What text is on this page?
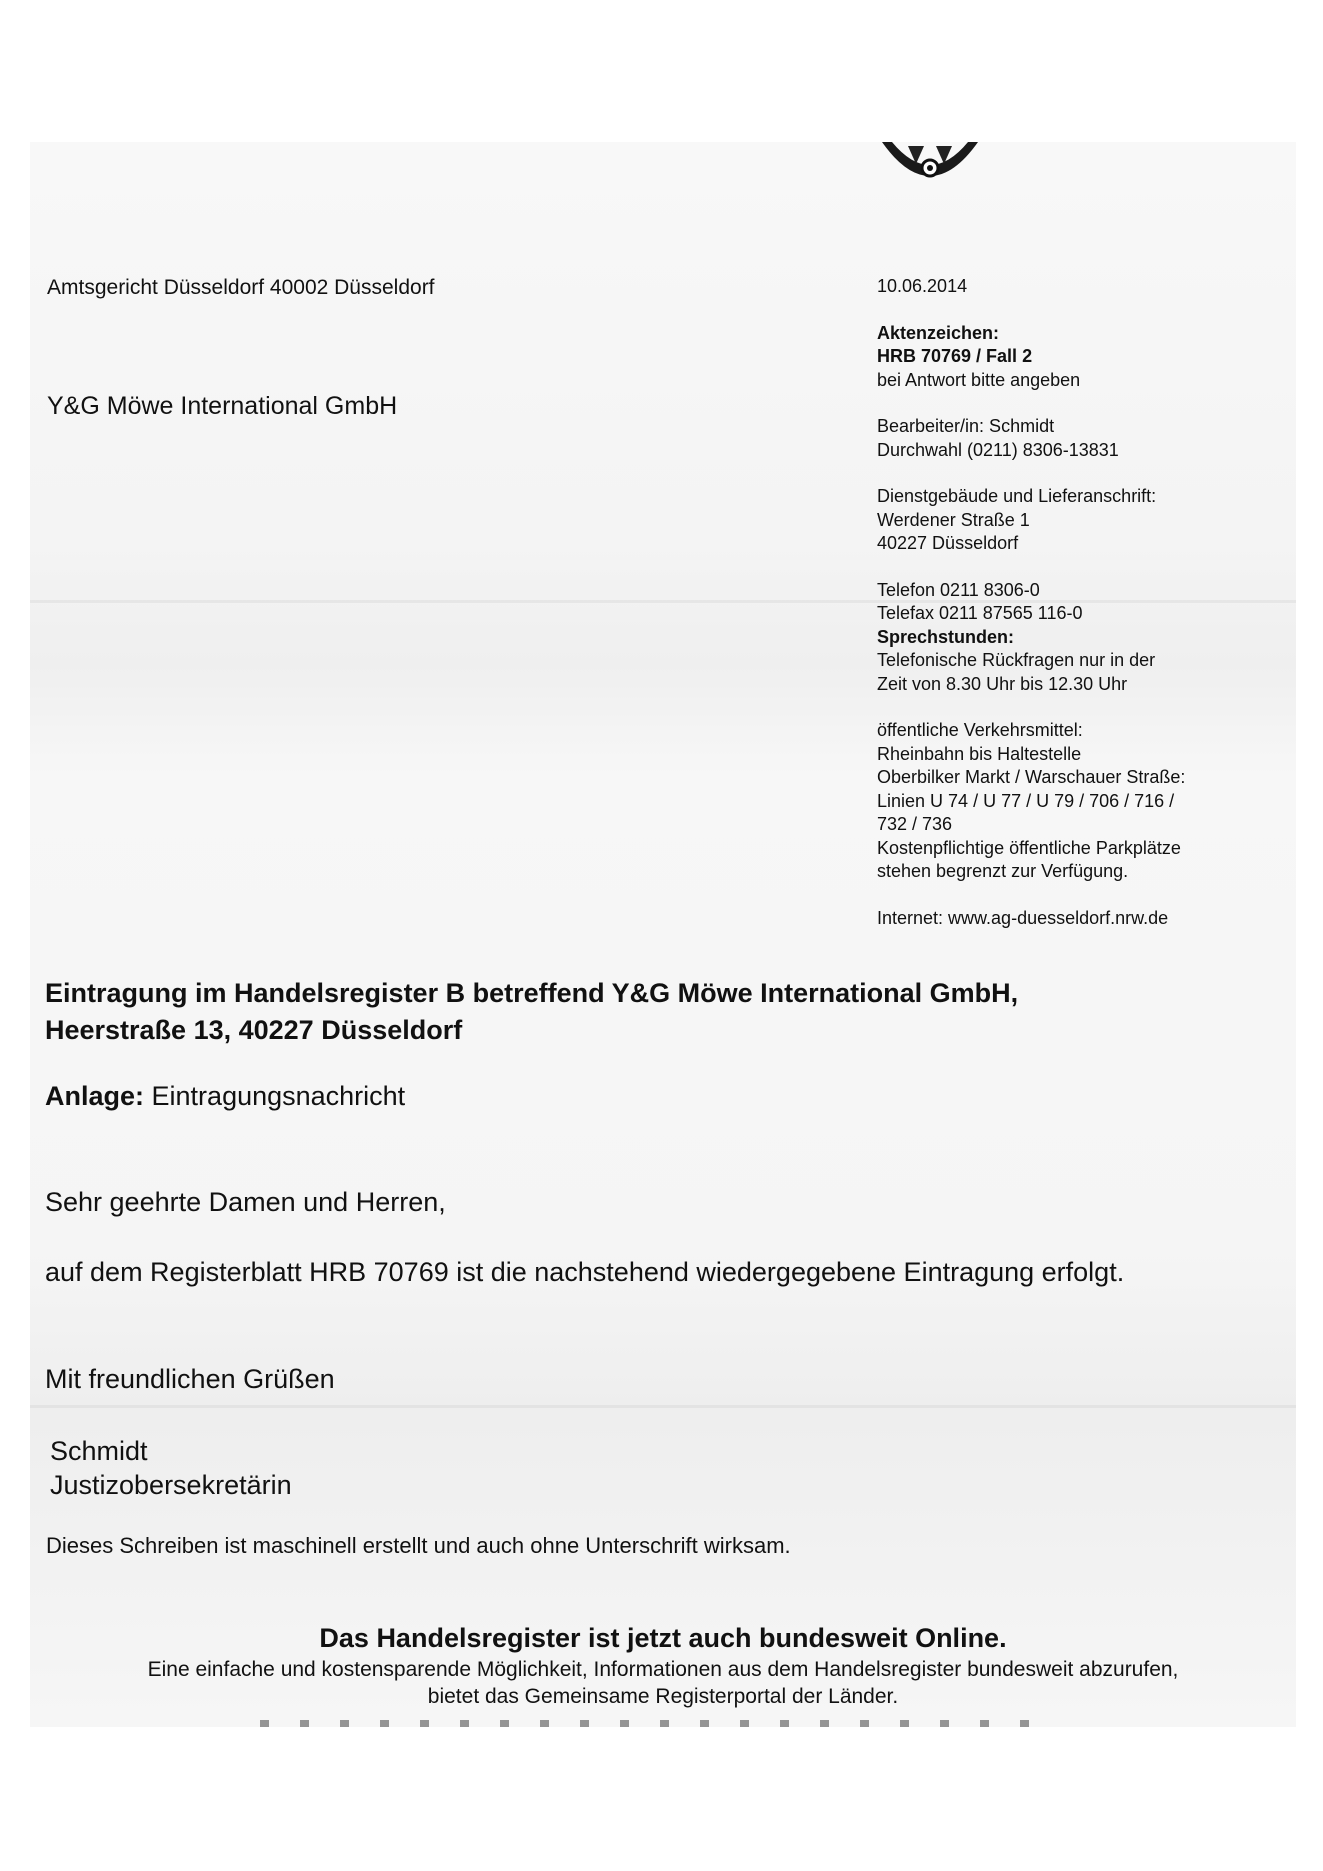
Amtsgericht Düsseldorf 40002 Düsseldorf
Y&G Möwe International GmbH
10.06.2014
Aktenzeichen:
HRB 70769 / Fall 2
bei Antwort bitte angeben
Bearbeiter/in: Schmidt
Durchwahl (0211) 8306-13831
Dienstgebäude und Lieferanschrift:
Werdener Straße 1
40227 Düsseldorf
Telefon 0211 8306-0
Telefax 0211 87565 116-0
Sprechstunden:
Telefonische Rückfragen nur in der
Zeit von 8.30 Uhr bis 12.30 Uhr
öffentliche Verkehrsmittel:
Rheinbahn bis Haltestelle
Oberbilker Markt / Warschauer Straße:
Linien U 74 / U 77 / U 79 / 706 / 716 /
732 / 736
Kostenpflichtige öffentliche Parkplätze
stehen begrenzt zur Verfügung.
Internet: www.ag-duesseldorf.nrw.de
Eintragung im Handelsregister B betreffend Y&G Möwe International GmbH,
Heerstraße 13, 40227 Düsseldorf
Anlage: Eintragungsnachricht
Sehr geehrte Damen und Herren,
auf dem Registerblatt HRB 70769 ist die nachstehend wiedergegebene Eintragung erfolgt.
Mit freundlichen Grüßen
Schmidt
Justizobersekretärin
Dieses Schreiben ist maschinell erstellt und auch ohne Unterschrift wirksam.
Das Handelsregister ist jetzt auch bundesweit Online.
Eine einfache und kostensparende Möglichkeit, Informationen aus dem Handelsregister bundesweit abzurufen,
bietet das Gemeinsame Registerportal der Länder.
